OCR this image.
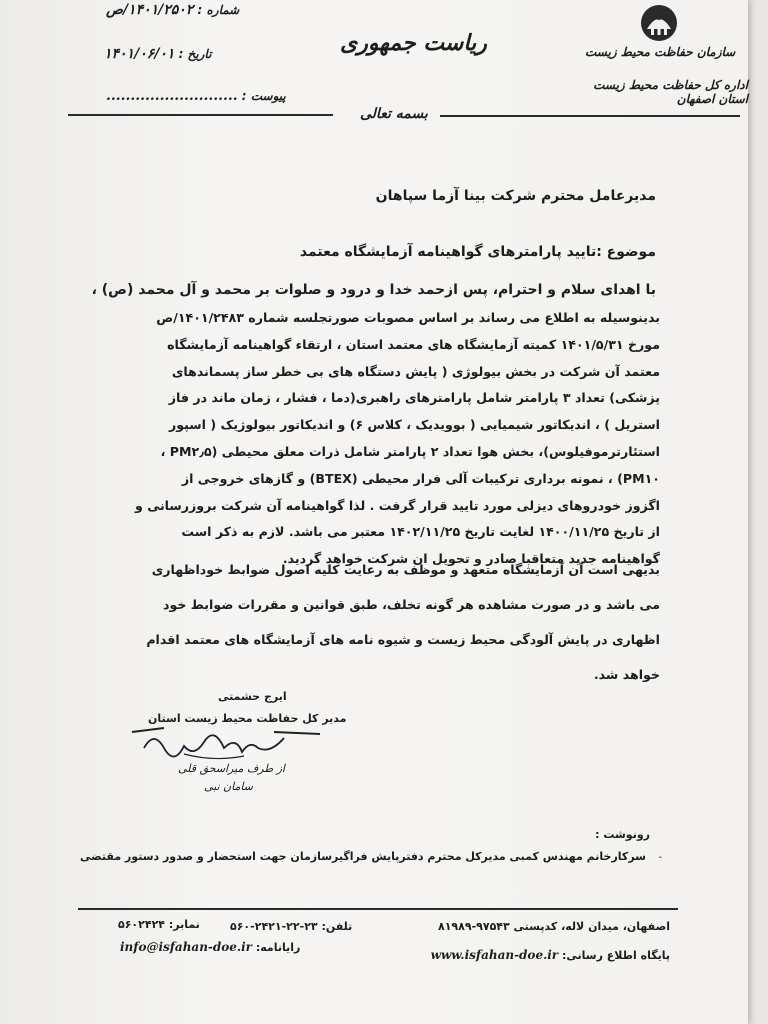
شماره : ۱۴۰۱/۲۵۰۲/ص
تاریخ : ۱۴۰۱/۰۶/۰۱
پیوست : ...........................
ریاست جمهوری	سازمان حفاظت محیط زیست
اداره کل حفاظت محیط زیست استان اصفهان
بسمه تعالی
مدیرعامل محترم شرکت بینا آزما سپاهان
موضوع :تایید پارامترهای گواهینامه آزمایشگاه معتمد
با اهدای سلام و احترام، پس ازحمد خدا و درود و صلوات بر محمد و آل محمد (ص) ،
بدینوسیله به اطلاع می رساند بر اساس مصوبات صورتجلسه شماره ۱۴۰۱/۲۴۸۳/ص
مورخ ۱۴۰۱/۵/۳۱ کمیته آزمایشگاه های معتمد استان ، ارتقاء گواهینامه آزمایشگاه
معتمد آن شرکت در بخش بیولوژی ( پایش دستگاه های بی خطر ساز پسماندهای
پزشکی) تعداد ۳ پارامتر شامل پارامترهای راهبری(دما ، فشار ، زمان ماند در فاز
استریل ) ، اندیکاتور شیمیایی ( بوویدیک ، کلاس ۶) و اندیکاتور بیولوژیک ( اسپور
استئارترموفیلوس)، بخش هوا تعداد ۲ پارامتر شامل ذرات معلق محیطی (PM۲٫۵ ،
PM۱۰) ، نمونه برداری ترکیبات آلی فرار محیطی (BTEX) و گازهای خروجی از
اگزوز خودروهای دیزلی مورد تایید قرار گرفت . لذا گواهینامه آن شرکت بروزرسانی و
از تاریخ ۱۴۰۰/۱۱/۲۵ لغایت تاریخ ۱۴۰۲/۱۱/۲۵ معتبر می باشد. لازم به ذکر است
گواهینامه جدید متعاقبا صادر و تحویل ان شرکت خواهد گردید.
بدیهی است آن آزمایشگاه متعهد و موظف به رعایت کلیه اصول ضوابط خوداظهاری
می باشد و در صورت مشاهده هر گونه تخلف، طبق قوانین و مقررات ضوابط خود
اظهاری در پایش آلودگی محیط زیست و شیوه نامه های آزمایشگاه های معتمد اقدام
خواهد شد.
ایرج حشمتی
مدیر کل حفاظت محیط زیست استان
از طرف میراسحق قلی
سامان نبی
رونوشت :
سرکارخانم مهندس کمبی مدیرکل محترم دفترپایش فراگیرسازمان جهت استحضار و صدور دستور مقتضی -
اصفهان، میدان لاله، کدپستی ۹۷۵۴۳-۸۱۹۸۹
تلفن: ۲۳-۲۲-۲۴۲۱-۵۶۰
نمابر: ۵۶۰۲۴۲۴
پایگاه اطلاع رسانی: www.isfahan-doe.ir
رایانامه: info@isfahan-doe.ir
